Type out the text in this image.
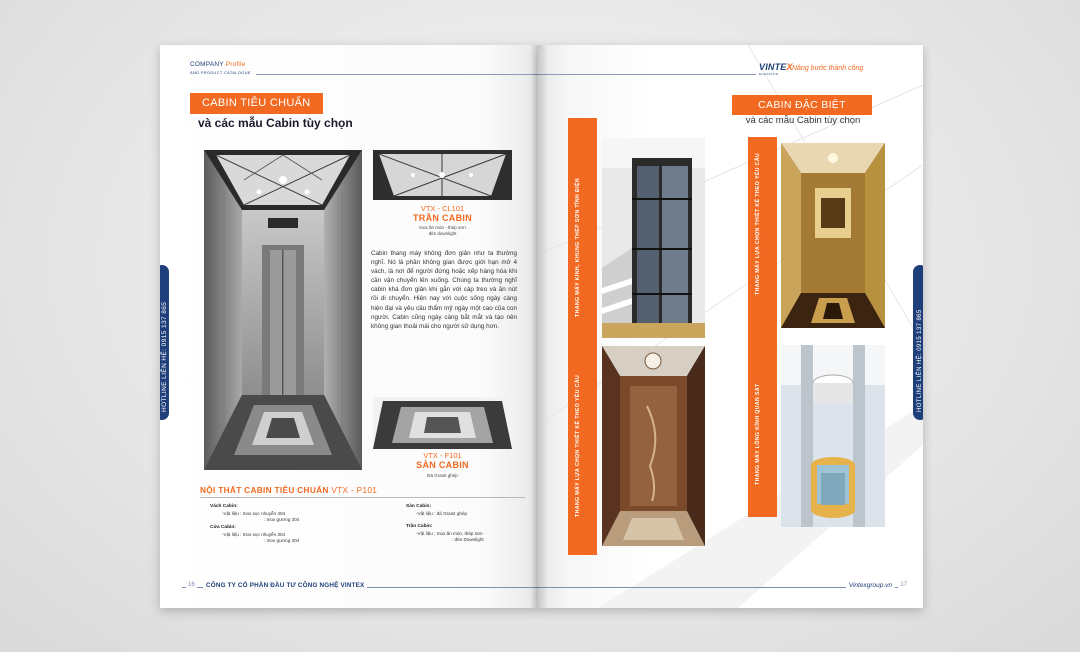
COMPANY Profile
AND PRODUCT CATALOGUE
CABIN TIÊU CHUẨN
và các mẫu Cabin tùy chọn
VTX - CL101
TRẦN CABIN
Inox ăn mòn - thép sơn
đèn downlight
Cabin thang máy không đơn giản như ta thường nghĩ. Nó là phần không gian được giới hạn mở 4 vách, là nơi để người đứng hoặc xếp hàng hóa khi cần vận chuyển lên xuống. Chúng ta thường nghĩ cabin khá đơn giản khi gắn với cáp treo và ăn nút rồi di chuyển. Hiện nay với cuộc sống ngày càng hiện đại và yêu cầu thẩm mỹ ngày một cao của con người. Cabin cũng ngày càng bắt mắt và tạo nên không gian thoải mái cho người sử dụng hơn.
VTX - F101
SÀN CABIN
Đá Granit ghép
HOTLINE LIÊN HỆ: 0915 137 865
NỘI THẤT CABIN TIÊU CHUẨN VTX - P101
Vách Cabin:
-Vật liệu : Inox sọc nhuyễn 304
: Inox gương 304
Cửa Cabin:
-Vật liệu : Inox sọc nhuyễn 304
: Inox gương 304
Sàn Cabin:
-Vật liệu : đá Granit ghép
Trần Cabin:
-Vật liệu : Inox ăn mòn, thép sơn
: đèn Downlight
16	CÔNG TY CỔ PHẦN ĐẦU TƯ CÔNG NGHỆ VINTEX
VINTEX
ELEVATOR
Nâng bước thành công
CABIN ĐẶC BIỆT
và các mẫu Cabin tùy chọn
THANG MÁY KÍNH, KHUNG THÉP SƠN TĨNH ĐIỆN
THANG MÁY LỰA CHỌN THIẾT KẾ THEO YÊU CẦU
THANG MÁY LỰA CHỌN THIẾT KẾ THEO YÊU CẦU
THANG MÁY LỒNG KÍNH QUAN SÁT
HOTLINE LIÊN HỆ: 0915 137 865
Vintexgroup.vn	17
